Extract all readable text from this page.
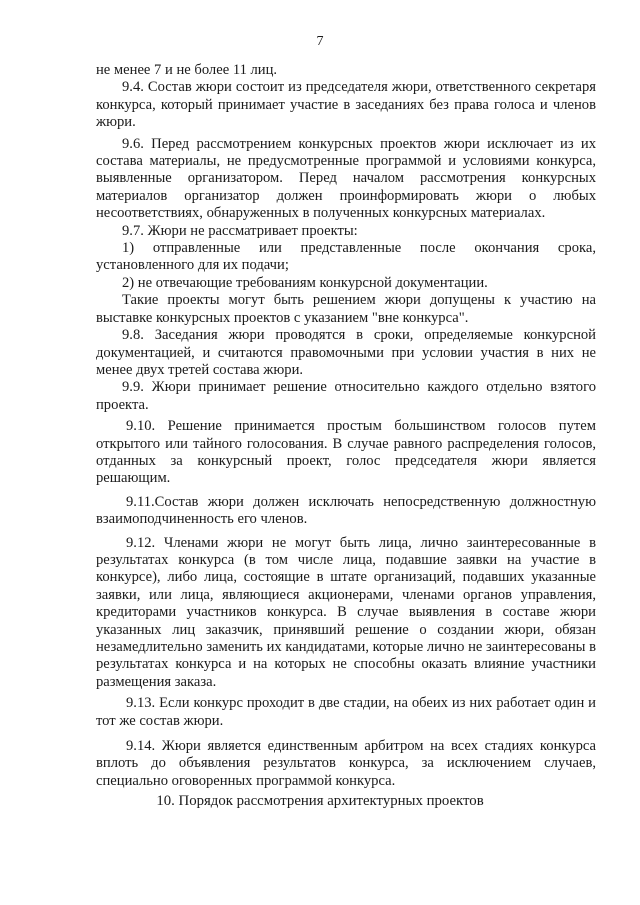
7

не менее 7 и не более 11 лиц.

9.4. Состав жюри состоит из председателя жюри, ответственного секретаря конкурса, который принимает участие в заседаниях без права голоса и членов жюри.

9.6. Перед рассмотрением конкурсных проектов жюри исключает из их состава материалы, не предусмотренные программой и условиями конкурса, выявленные организатором. Перед началом рассмотрения конкурсных материалов организатор должен проинформировать жюри о любых несоответствиях, обнаруженных в полученных конкурсных материалах.

9.7. Жюри не рассматривает проекты:

1) отправленные или представленные после окончания срока, установленного для их подачи;

2) не отвечающие требованиям конкурсной документации.

Такие проекты могут быть решением жюри допущены к участию на выставке конкурсных проектов с указанием "вне конкурса".

9.8. Заседания жюри проводятся в сроки, определяемые конкурсной документацией, и считаются правомочными при условии участия в них не менее двух третей состава жюри.

9.9. Жюри принимает решение относительно каждого отдельно взятого проекта.

9.10. Решение принимается простым большинством голосов путем открытого или тайного голосования. В случае равного распределения голосов, отданных за конкурсный проект, голос председателя жюри является решающим.

9.11.Состав жюри должен исключать непосредственную должностную взаимоподчиненность его членов.

9.12. Членами жюри не могут быть лица, лично заинтересованные в результатах конкурса (в том числе лица, подавшие заявки на участие в конкурсе), либо лица, состоящие в штате организаций, подавших указанные заявки, или лица, являющиеся акционерами, членами органов управления, кредиторами участников конкурса. В случае выявления в составе жюри указанных лиц заказчик, принявший решение о создании жюри, обязан незамедлительно заменить их кандидатами, которые лично не заинтересованы в результатах конкурса и на которых не способны оказать влияние участники размещения заказа.

9.13. Если конкурс проходит в две стадии, на обеих из них работает один и тот же состав жюри.

9.14. Жюри является единственным арбитром на всех стадиях конкурса вплоть до объявления результатов конкурса, за исключением случаев, специально оговоренных программой конкурса.

10. Порядок рассмотрения архитектурных проектов
